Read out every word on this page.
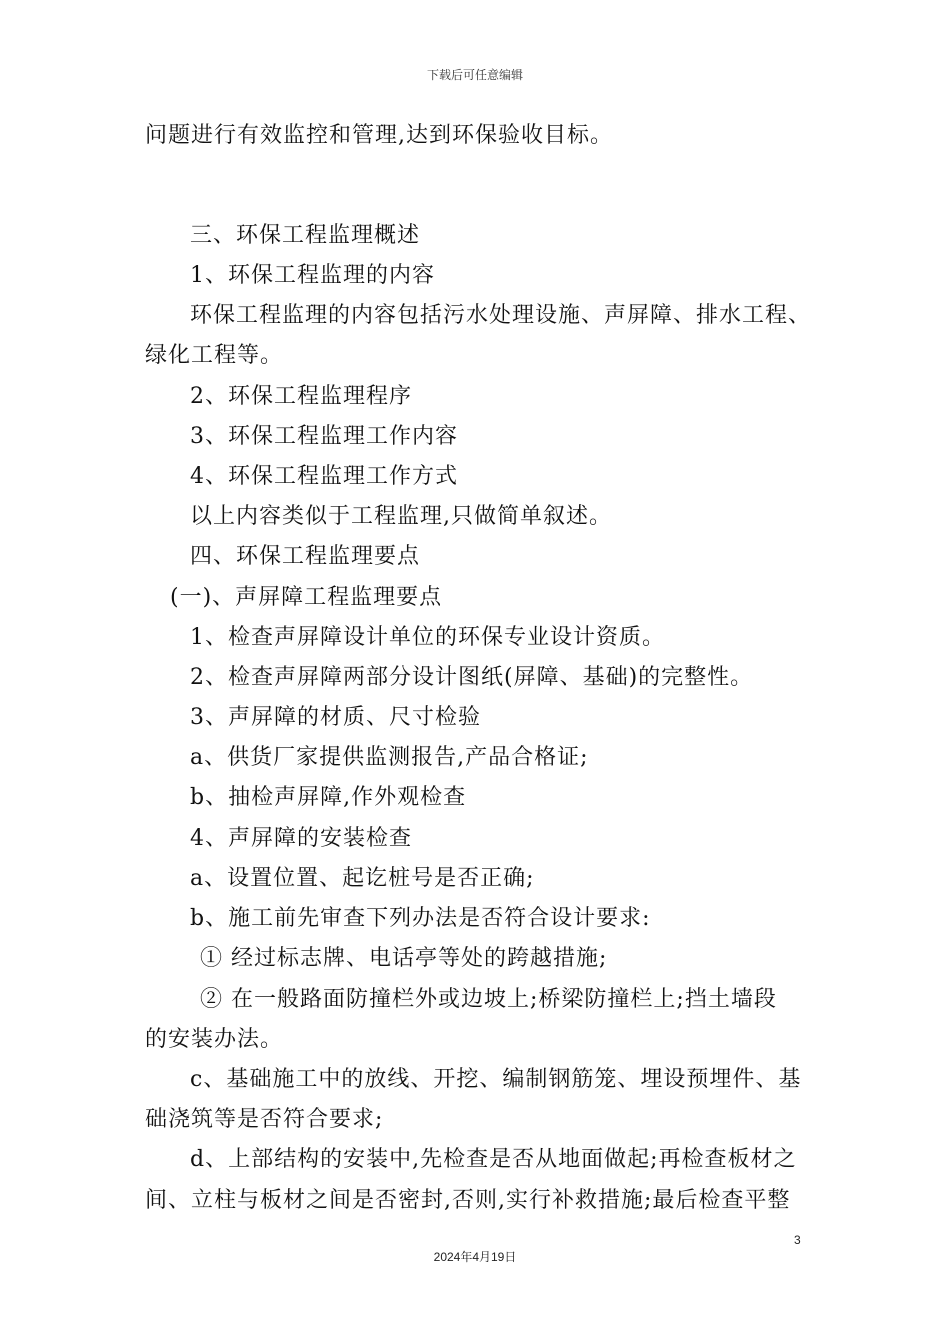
下载后可任意编辑
问题进行有效监控和管理,达到环保验收目标。
三、环保工程监理概述
1、环保工程监理的内容
环保工程监理的内容包括污水处理设施、声屏障、排水工程、
绿化工程等。
2、环保工程监理程序
3、环保工程监理工作内容
4、环保工程监理工作方式
以上内容类似于工程监理,只做简单叙述。
四、环保工程监理要点
(一)、声屏障工程监理要点
1、检查声屏障设计单位的环保专业设计资质。
2、检查声屏障两部分设计图纸(屏障、基础)的完整性。
3、声屏障的材质、尺寸检验
a、供货厂家提供监测报告,产品合格证;
b、抽检声屏障,作外观检查
4、声屏障的安装检查
a、设置位置、起讫桩号是否正确;
b、施工前先审查下列办法是否符合设计要求:
① 经过标志牌、电话亭等处的跨越措施;
② 在一般路面防撞栏外或边坡上;桥梁防撞栏上;挡土墙段
的安装办法。
c、基础施工中的放线、开挖、编制钢筋笼、埋设预埋件、基
础浇筑等是否符合要求;
d、上部结构的安装中,先检查是否从地面做起;再检查板材之
间、立柱与板材之间是否密封,否则,实行补救措施;最后检查平整
3
2024年4月19日
